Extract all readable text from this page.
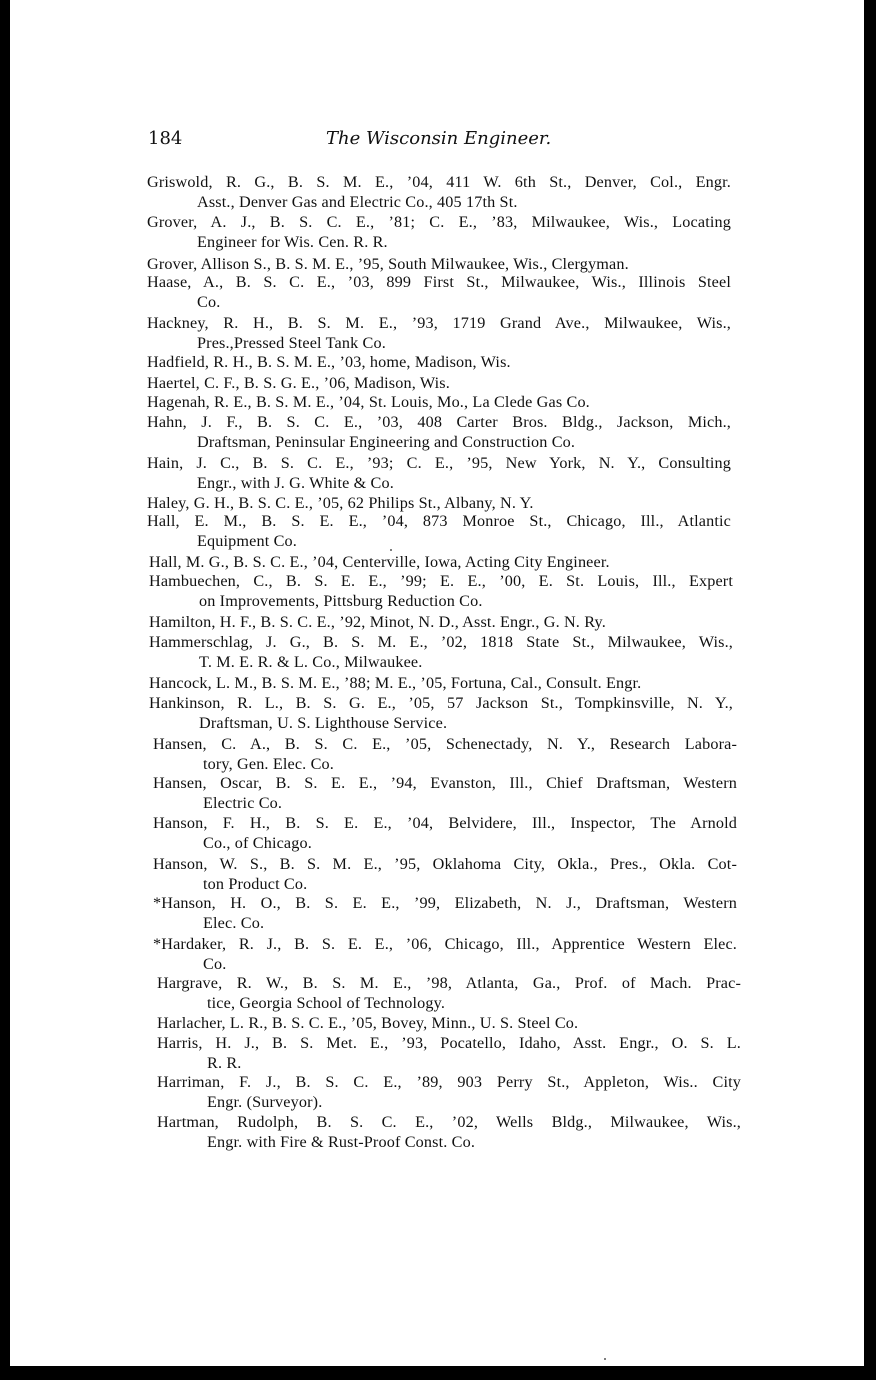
184	The Wisconsin Engineer.
Griswold, R. G., B. S. M. E., ’04, 411 W. 6th St., Denver, Col., Engr.
Asst., Denver Gas and Electric Co., 405 17th St.
Grover, A. J., B. S. C. E., ’81; C. E., ’83, Milwaukee, Wis., Locating
Engineer for Wis. Cen. R. R.
Grover, Allison S., B. S. M. E., ’95, South Milwaukee, Wis., Clergyman.
Haase, A., B. S. C. E., ’03, 899 First St., Milwaukee, Wis., Illinois Steel
Co.
Hackney, R. H., B. S. M. E., ’93, 1719 Grand Ave., Milwaukee, Wis.,
Pres.,Pressed Steel Tank Co.
Hadfield, R. H., B. S. M. E., ’03, home, Madison, Wis.
Haertel, C. F., B. S. G. E., ’06, Madison, Wis.
Hagenah, R. E., B. S. M. E., ’04, St. Louis, Mo., La Clede Gas Co.
Hahn, J. F., B. S. C. E., ’03, 408 Carter Bros. Bldg., Jackson, Mich.,
Draftsman, Peninsular Engineering and Construction Co.
Hain, J. C., B. S. C. E., ’93; C. E., ’95, New York, N. Y., Consulting
Engr., with J. G. White & Co.
Haley, G. H., B. S. C. E., ’05, 62 Philips St., Albany, N. Y.
Hall, E. M., B. S. E. E., ’04, 873 Monroe St., Chicago, Ill., Atlantic
Equipment Co.
Hall, M. G., B. S. C. E., ’04, Centerville, Iowa, Acting City Engineer.
Hambuechen, C., B. S. E. E., ’99; E. E., ’00, E. St. Louis, Ill., Expert
on Improvements, Pittsburg Reduction Co.
Hamilton, H. F., B. S. C. E., ’92, Minot, N. D., Asst. Engr., G. N. Ry.
Hammerschlag, J. G., B. S. M. E., ’02, 1818 State St., Milwaukee, Wis.,
T. M. E. R. & L. Co., Milwaukee.
Hancock, L. M., B. S. M. E., ’88; M. E., ’05, Fortuna, Cal., Consult. Engr.
Hankinson, R. L., B. S. G. E., ’05, 57 Jackson St., Tompkinsville, N. Y.,
Draftsman, U. S. Lighthouse Service.
Hansen, C. A., B. S. C. E., ’05, Schenectady, N. Y., Research Labora-
tory, Gen. Elec. Co.
Hansen, Oscar, B. S. E. E., ’94, Evanston, Ill., Chief Draftsman, Western
Electric Co.
Hanson, F. H., B. S. E. E., ’04, Belvidere, Ill., Inspector, The Arnold
Co., of Chicago.
Hanson, W. S., B. S. M. E., ’95, Oklahoma City, Okla., Pres., Okla. Cot-
ton Product Co.
*Hanson, H. O., B. S. E. E., ’99, Elizabeth, N. J., Draftsman, Western
Elec. Co.
*Hardaker, R. J., B. S. E. E., ’06, Chicago, Ill., Apprentice Western Elec.
Co.
Hargrave, R. W., B. S. M. E., ’98, Atlanta, Ga., Prof. of Mach. Prac-
tice, Georgia School of Technology.
Harlacher, L. R., B. S. C. E., ’05, Bovey, Minn., U. S. Steel Co.
Harris, H. J., B. S. Met. E., ’93, Pocatello, Idaho, Asst. Engr., O. S. L.
R. R.
Harriman, F. J., B. S. C. E., ’89, 903 Perry St., Appleton, Wis.. City
Engr. (Surveyor).
Hartman, Rudolph, B. S. C. E., ’02, Wells Bldg., Milwaukee, Wis.,
Engr. with Fire & Rust-Proof Const. Co.
